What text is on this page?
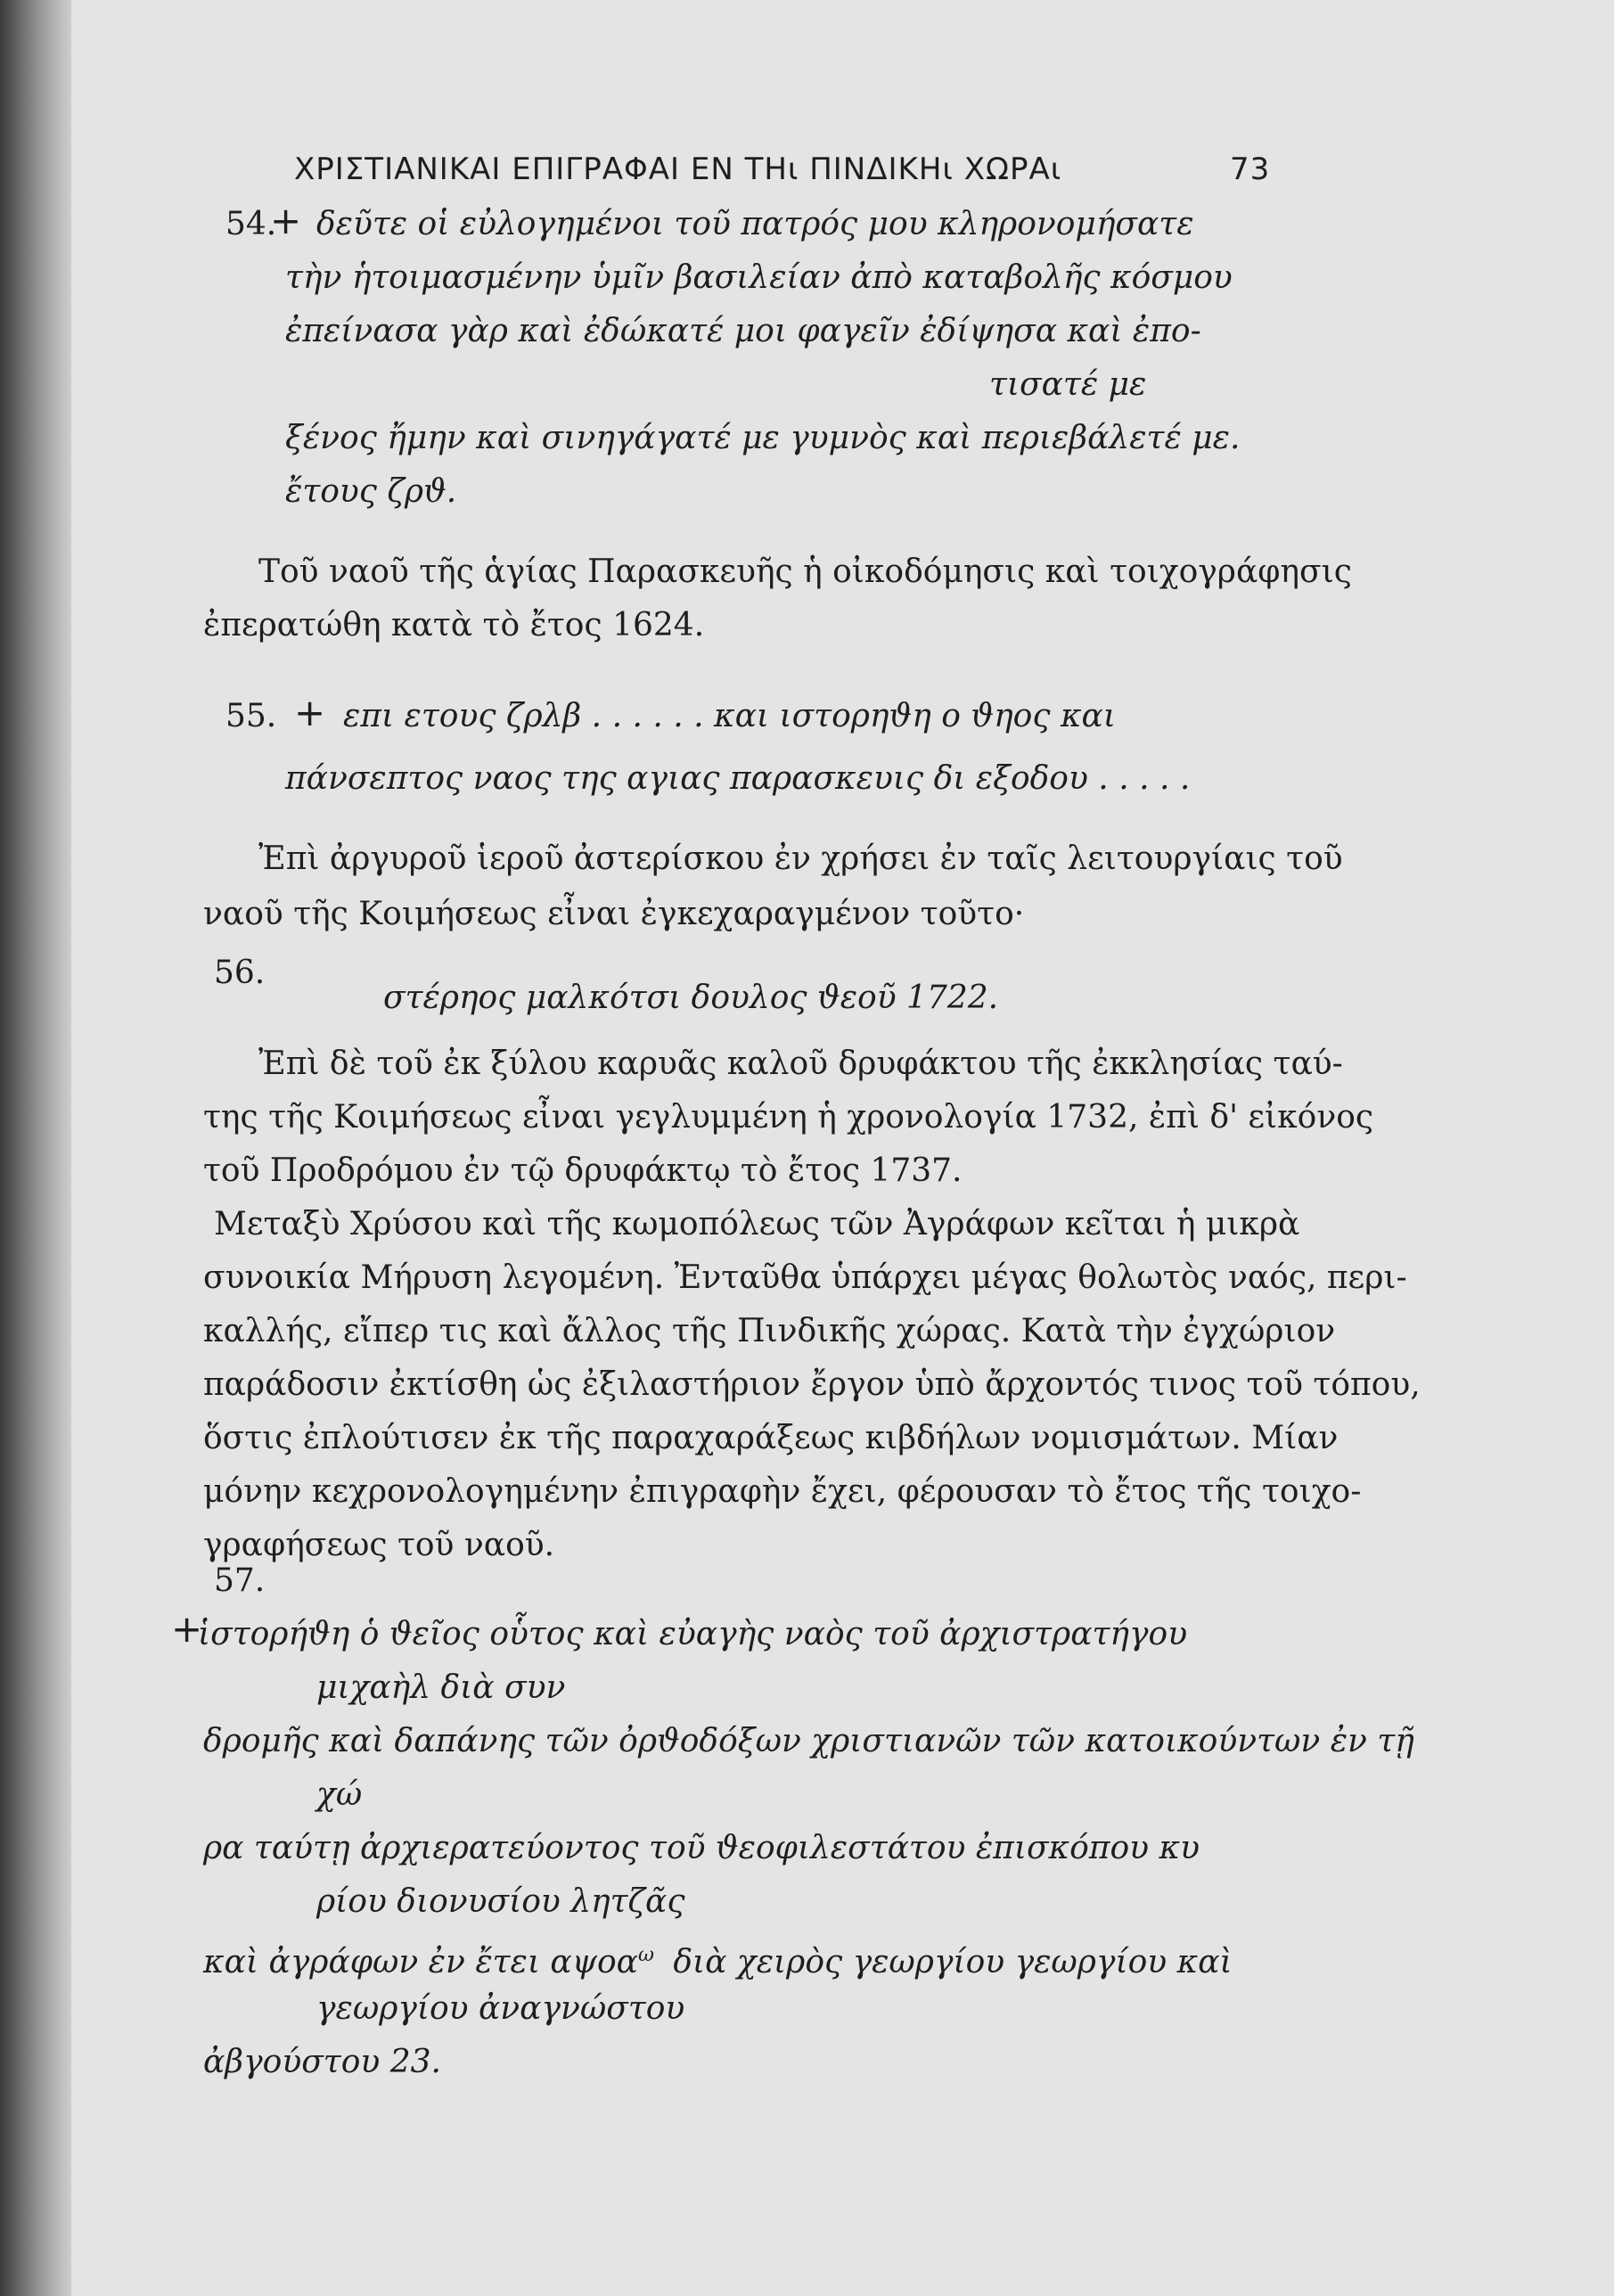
ΧΡΙΣΤΙΑΝΙΚΑΙ ΕΠΙΓΡΑΦΑΙ ΕΝ ΤΗι ΠΙΝΔΙΚΗι ΧΩΡΑι	73
54.
+ δεῦτε οἱ εὐλογημένοι τοῦ πατρός μου κληρονομήσατε
τὴν ἡτοιμασμένην ὑμῖν βασιλείαν ἀπὸ καταβολῆς κόσμου
ἐπείνασα γὰρ καὶ ἐδώκατέ μοι φαγεῖν ἐδίψησα καὶ ἐπο-
τισατέ με
ξένος ἤμην καὶ σινηγάγατέ με γυμνὸς καὶ περιεβάλετέ με.
ἔτους ζρϑ.
Τοῦ ναοῦ τῆς ἁγίας Παρασκευῆς ἡ οἰκοδόμησις καὶ τοιχογράφησις
ἐπερατώθη κατὰ τὸ ἔτος 1624.
55. + επι ετους ζρλβ . . . . . . και ιστορηϑη ο ϑηος και
πάνσεπτος ναος της αγιας παρασκευις δι εξοδου . . . . .
Ἐπὶ ἀργυροῦ ἱεροῦ ἀστερίσκου ἐν χρήσει ἐν ταῖς λειτουργίαις τοῦ
ναοῦ τῆς Κοιμήσεως εἶναι ἐγκεχαραγμένον τοῦτο·
56.
στέρηος μαλκότσι δουλος ϑεοῦ 1722.
Ἐπὶ δὲ τοῦ ἐκ ξύλου καρυᾶς καλοῦ δρυφάκτου τῆς ἐκκλησίας ταύ-
της τῆς Κοιμήσεως εἶναι γεγλυμμένη ἡ χρονολογία 1732, ἐπὶ δ' εἰκόνος
τοῦ Προδρόμου ἐν τῷ δρυφάκτῳ τὸ ἔτος 1737.
Μεταξὺ Χρύσου καὶ τῆς κωμοπόλεως τῶν Ἀγράφων κεῖται ἡ μικρὰ
συνοικία Μήρυση λεγομένη. Ἐνταῦθα ὑπάρχει μέγας θολωτὸς ναός, περι-
καλλής, εἴπερ τις καὶ ἄλλος τῆς Πινδικῆς χώρας. Κατὰ τὴν ἐγχώριον
παράδοσιν ἐκτίσθη ὡς ἐξιλαστήριον ἔργον ὑπὸ ἄρχοντός τινος τοῦ τόπου,
ὅστις ἐπλούτισεν ἐκ τῆς παραχαράξεως κιβδήλων νομισμάτων. Μίαν
μόνην κεχρονολογημένην ἐπιγραφὴν ἔχει, φέρουσαν τὸ ἔτος τῆς τοιχο-
γραφήσεως τοῦ ναοῦ.
57.
+
ἱστορήϑη ὁ ϑεῖος οὗτος καὶ εὐαγὴς ναὸς τοῦ ἀρχιστρατήγου
μιχαὴλ διὰ συν
δρομῆς καὶ δαπάνης τῶν ὀρϑοδόξων χριστιανῶν τῶν κατοικούντων ἐν τῇ
χώ
ρα ταύτῃ ἀρχιερατεύοντος τοῦ ϑεοφιλεστάτου ἐπισκόπου κυ
ρίου διονυσίου λητζᾶς
καὶ ἀγράφων ἐν ἔτει αψοα$^\omega$ διὰ χειρὸς γεωργίου γεωργίου καὶ
γεωργίου ἀναγνώστου
ἀβγούστου 23.
